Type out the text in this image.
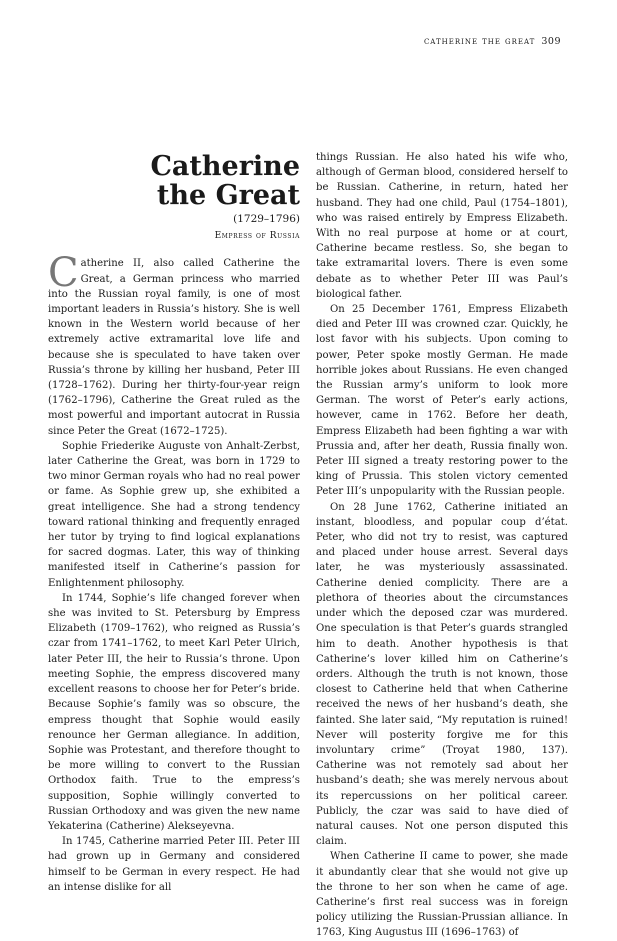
catherine the great 309
Catherine
the Great
(1729–1796)
Empress of Russia

Catherine II, also called Catherine the Great, a German princess who married into the Russian royal family, is one of most important leaders in Russia’s history. She is well known in the Western world because of her extremely active extramarital love life and because she is speculated to have taken over Russia’s throne by killing her husband, Peter III (1728–1762). During her thirty-four-year reign (1762–1796), Catherine the Great ruled as the most powerful and important autocrat in Russia since Peter the Great (1672–1725).

Sophie Friederike Auguste von Anhalt-Zerbst, later Catherine the Great, was born in 1729 to two minor German royals who had no real power or fame. As Sophie grew up, she exhibited a great intelligence. She had a strong tendency toward rational thinking and frequently enraged her tutor by trying to find logical explanations for sacred dogmas. Later, this way of thinking manifested itself in Catherine’s passion for Enlightenment philosophy.

In 1744, Sophie’s life changed forever when she was invited to St. Petersburg by Empress Elizabeth (1709–1762), who reigned as Russia’s czar from 1741–1762, to meet Karl Peter Ulrich, later Peter III, the heir to Russia’s throne. Upon meeting Sophie, the empress discovered many excellent reasons to choose her for Peter’s bride. Because Sophie’s family was so obscure, the empress thought that Sophie would easily renounce her German allegiance. In addition, Sophie was Protestant, and therefore thought to be more willing to convert to the Russian Orthodox faith. True to the empress’s supposition, Sophie willingly converted to Russian Orthodoxy and was given the new name Yekaterina (Catherine) Alekseyevna.

In 1745, Catherine married Peter III. Peter III had grown up in Germany and considered himself to be German in every respect. He had an intense dislike for all

things Russian. He also hated his wife who, although of German blood, considered herself to be Russian. Catherine, in return, hated her husband. They had one child, Paul (1754–1801), who was raised entirely by Empress Elizabeth. With no real purpose at home or at court, Catherine became restless. So, she began to take extramarital lovers. There is even some debate as to whether Peter III was Paul’s biological father.

On 25 December 1761, Empress Elizabeth died and Peter III was crowned czar. Quickly, he lost favor with his subjects. Upon coming to power, Peter spoke mostly German. He made horrible jokes about Russians. He even changed the Russian army’s uniform to look more German. The worst of Peter’s early actions, however, came in 1762. Before her death, Empress Elizabeth had been fighting a war with Prussia and, after her death, Russia finally won. Peter III signed a treaty restoring power to the king of Prussia. This stolen victory cemented Peter III’s unpopularity with the Russian people.

On 28 June 1762, Catherine initiated an instant, bloodless, and popular coup d’état. Peter, who did not try to resist, was captured and placed under house arrest. Several days later, he was mysteriously assassinated. Catherine denied complicity. There are a plethora of theories about the circumstances under which the deposed czar was murdered. One speculation is that Peter’s guards strangled him to death. Another hypothesis is that Catherine’s lover killed him on Catherine’s orders. Although the truth is not known, those closest to Catherine held that when Catherine received the news of her husband’s death, she fainted. She later said, “My reputation is ruined! Never will posterity forgive me for this involuntary crime” (Troyat 1980, 137). Catherine was not remotely sad about her husband’s death; she was merely nervous about its repercussions on her political career. Publicly, the czar was said to have died of natural causes. Not one person disputed this claim.

When Catherine II came to power, she made it abundantly clear that she would not give up the throne to her son when he came of age. Catherine’s first real success was in foreign policy utilizing the Russian-Prussian alliance. In 1763, King Augustus III (1696–1763) of
